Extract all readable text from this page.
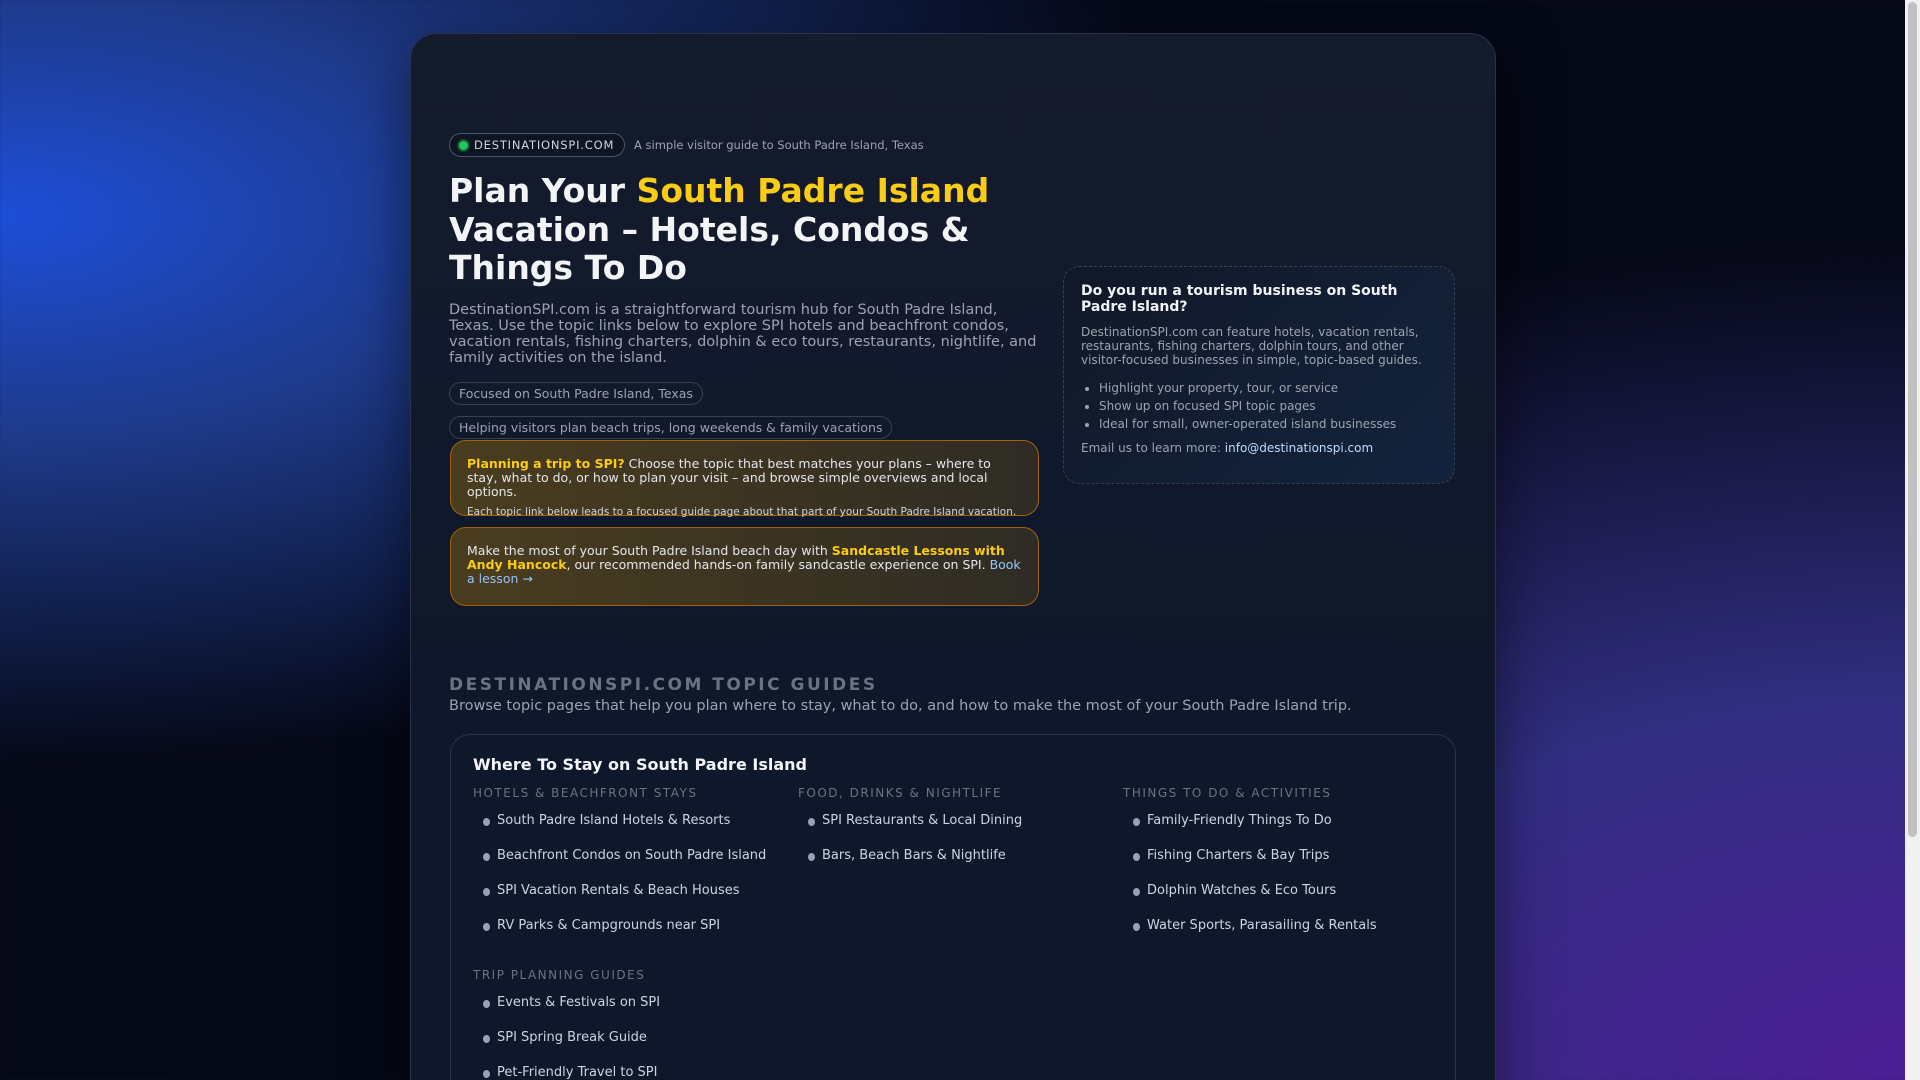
DESTINATIONSPI.COM	A simple visitor guide to South Padre Island, Texas
Plan Your South Padre Island Vacation – Hotels, Condos & Things To Do

DestinationSPI.com is a straightforward tourism hub for South Padre Island, Texas. Use the topic links below to explore SPI hotels and beachfront condos, vacation rentals, fishing charters, dolphin & eco tours, restaurants, nightlife, and family activities on the island.

Focused on South Padre Island, Texas
Helping visitors plan beach trips, long weekends & family vacations
Planning a trip to SPI? Choose the topic that best matches your plans – where to stay, what to do, or how to plan your visit – and browse simple overviews and local options.
Each topic link below leads to a focused guide page about that part of your South Padre Island vacation.
Make the most of your South Padre Island beach day with Sandcastle Lessons with Andy Hancock, our recommended hands-on family sandcastle experience on SPI. Book a lesson →
Do you run a tourism business on South Padre Island?

DestinationSPI.com can feature hotels, vacation rentals, restaurants, fishing charters, dolphin tours, and other visitor-focused businesses in simple, topic-based guides.

• Highlight your property, tour, or service
• Show up on focused SPI topic pages
• Ideal for small, owner-operated island businesses

Email us to learn more: info@destinationspi.com

DESTINATIONSPI.COM TOPIC GUIDES
Browse topic pages that help you plan where to stay, what to do, and how to make the most of your South Padre Island trip.
Where To Stay on South Padre Island
HOTELS & BEACHFRONT STAYS
South Padre Island Hotels & Resorts
Beachfront Condos on South Padre Island
SPI Vacation Rentals & Beach Houses
RV Parks & Campgrounds near SPI
FOOD, DRINKS & NIGHTLIFE
SPI Restaurants & Local Dining
Bars, Beach Bars & Nightlife
THINGS TO DO & ACTIVITIES
Family-Friendly Things To Do
Fishing Charters & Bay Trips
Dolphin Watches & Eco Tours
Water Sports, Parasailing & Rentals
TRIP PLANNING GUIDES
Events & Festivals on SPI
SPI Spring Break Guide
Pet-Friendly Travel to SPI
